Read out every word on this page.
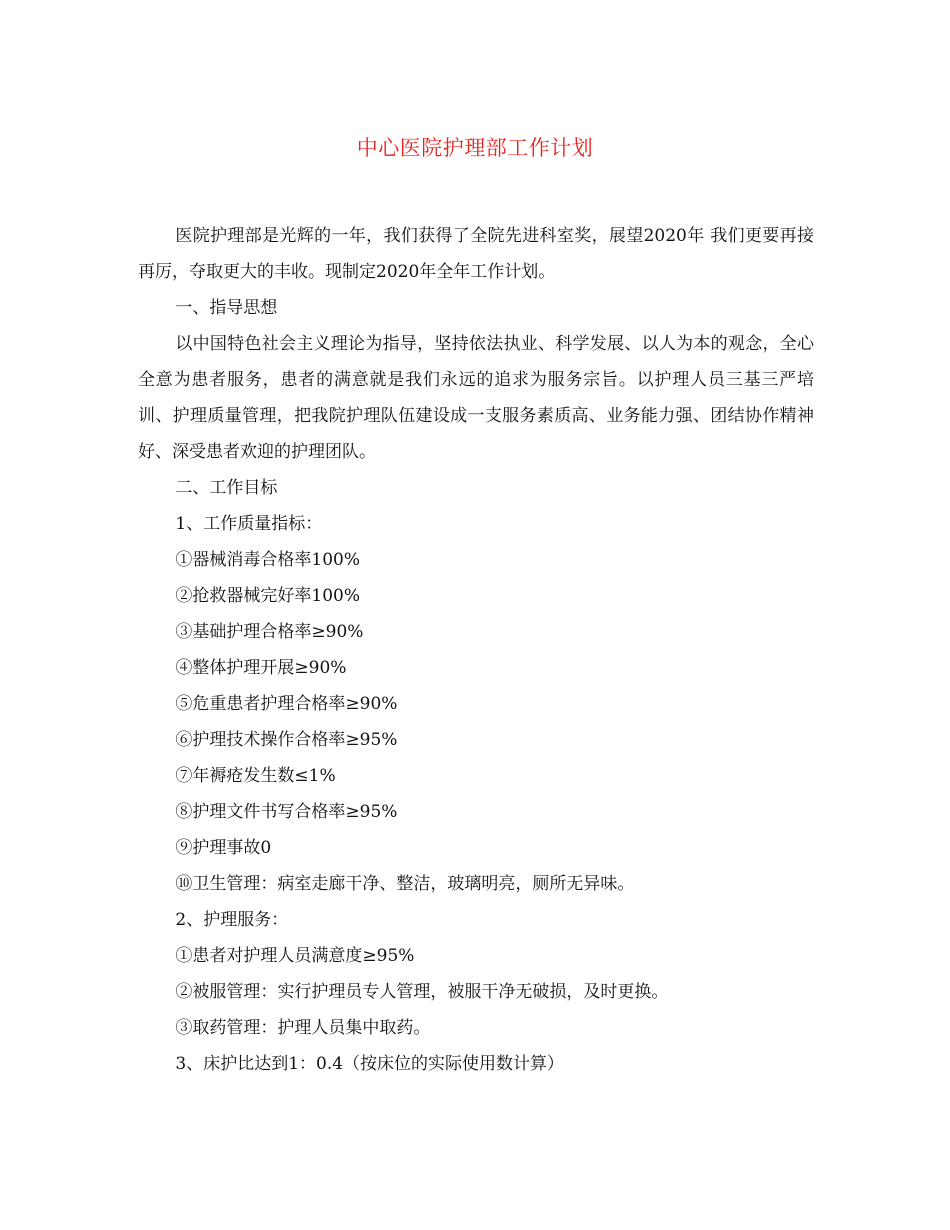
中心医院护理部工作计划

医院护理部是光辉的一年，我们获得了全院先进科室奖，展望2020年 我们更要再接再厉，夺取更大的丰收。现制定2020年全年工作计划。

一、指导思想

以中国特色社会主义理论为指导，坚持依法执业、科学发展、以人为本的观念，全心全意为患者服务，患者的满意就是我们永远的追求为服务宗旨。以护理人员三基三严培训、护理质量管理，把我院护理队伍建设成一支服务素质高、业务能力强、团结协作精神好、深受患者欢迎的护理团队。

二、工作目标

1、工作质量指标：

①器械消毒合格率100%

②抢救器械完好率100%

③基础护理合格率≥90%

④整体护理开展≥90%

⑤危重患者护理合格率≥90%

⑥护理技术操作合格率≥95%

⑦年褥疮发生数≤1%

⑧护理文件书写合格率≥95%

⑨护理事故0

⑩卫生管理：病室走廊干净、整洁，玻璃明亮，厕所无异味。

2、护理服务：

①患者对护理人员满意度≥95%

②被服管理：实行护理员专人管理，被服干净无破损，及时更换。

③取药管理：护理人员集中取药。

3、床护比达到1：0.4（按床位的实际使用数计算）
